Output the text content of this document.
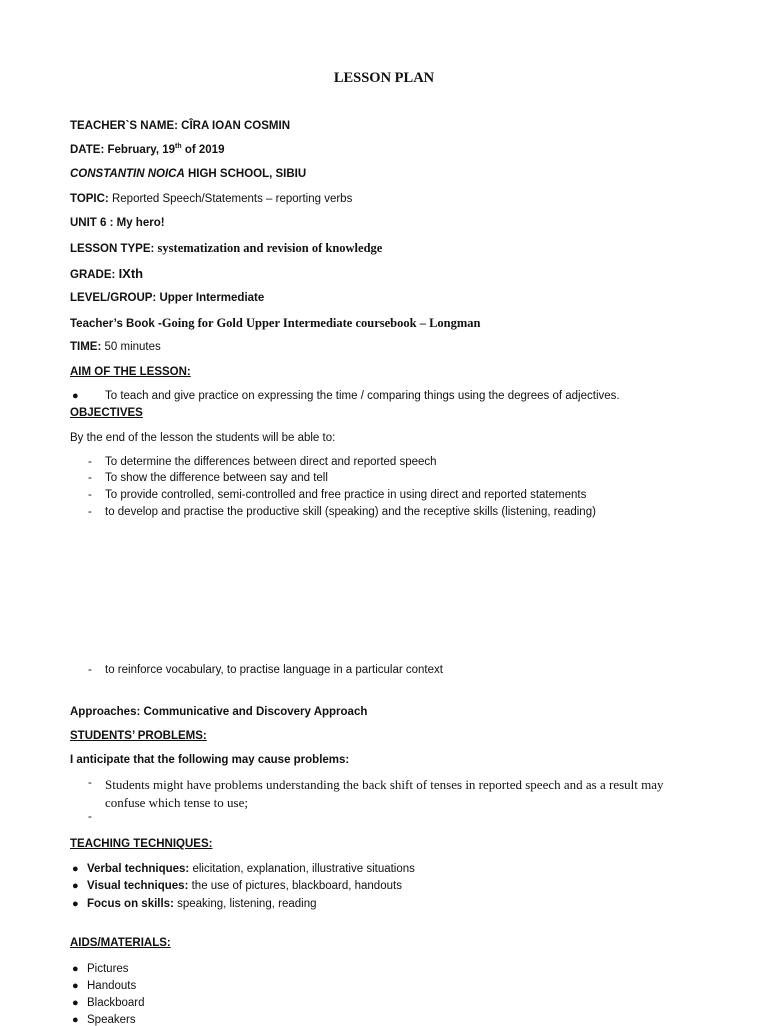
LESSON PLAN
TEACHER`S NAME: CÎRA IOAN COSMIN
DATE: February, 19th of 2019
CONSTANTIN NOICA HIGH SCHOOL, SIBIU
TOPIC: Reported Speech/Statements – reporting verbs
UNIT 6 : My hero!
LESSON TYPE: systematization and revision of knowledge
GRADE: IXth
LEVEL/GROUP: Upper Intermediate
Teacher’s Book -Going for Gold Upper Intermediate coursebook – Longman
TIME: 50 minutes
AIM OF THE LESSON:
● To teach and give practice on expressing the time / comparing things using the degrees of adjectives.
OBJECTIVES
By the end of the lesson the students will be able to:
- To determine the differences between direct and reported speech
- To show the difference between say and tell
- To provide controlled, semi-controlled and free practice in using direct and reported statements
- to develop and practise the productive skill (speaking) and the receptive skills (listening, reading)
- to reinforce vocabulary, to practise language in a particular context
Approaches: Communicative and Discovery Approach
STUDENTS’ PROBLEMS:
I anticipate that the following may cause problems:
- Students might have problems understanding the back shift of tenses in reported speech and as a result may
confuse which tense to use;
-
TEACHING TECHNIQUES:
● Verbal techniques: elicitation, explanation, illustrative situations
● Visual techniques: the use of pictures, blackboard, handouts
● Focus on skills: speaking, listening, reading
AIDS/MATERIALS:
● Pictures
● Handouts
● Blackboard
● Speakers
